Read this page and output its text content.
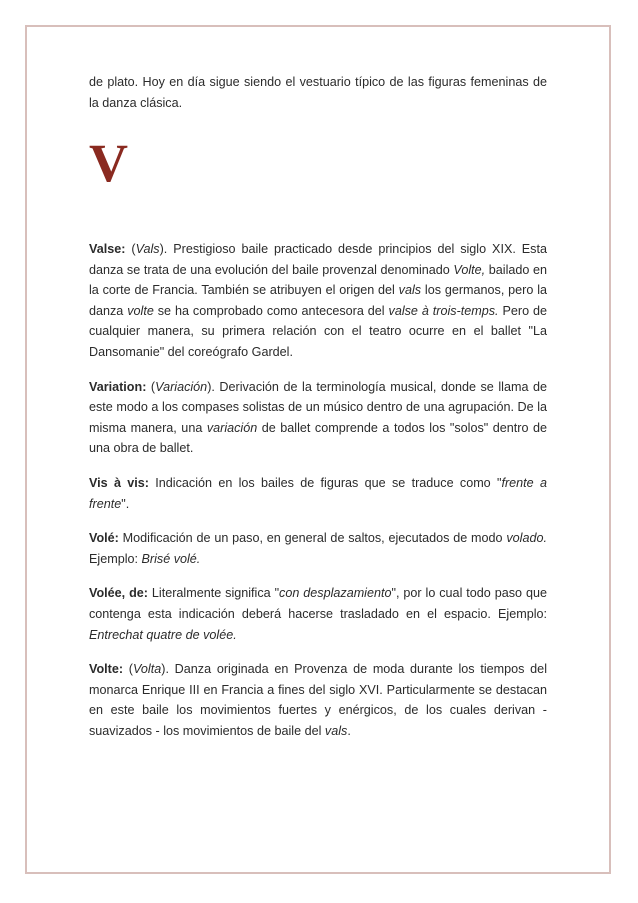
de plato. Hoy en día sigue siendo el vestuario típico de las figuras femeninas de la danza clásica.

V

Valse: (Vals). Prestigioso baile practicado desde principios del siglo XIX. Esta danza se trata de una evolución del baile provenzal denominado Volte, bailado en la corte de Francia. También se atribuyen el origen del vals los germanos, pero la danza volte se ha comprobado como antecesora del valse à trois-temps. Pero de cualquier manera, su primera relación con el teatro ocurre en el ballet "La Dansomanie" del coreógrafo Gardel.

Variation: (Variación). Derivación de la terminología musical, donde se llama de este modo a los compases solistas de un músico dentro de una agrupación. De la misma manera, una variación de ballet comprende a todos los "solos" dentro de una obra de ballet.

Vis à vis: Indicación en los bailes de figuras que se traduce como "frente a frente".

Volé: Modificación de un paso, en general de saltos, ejecutados de modo volado. Ejemplo: Brisé volé.

Volée, de: Literalmente significa "con desplazamiento", por lo cual todo paso que contenga esta indicación deberá hacerse trasladado en el espacio. Ejemplo: Entrechat quatre de volée.

Volte: (Volta). Danza originada en Provenza de moda durante los tiempos del monarca Enrique III en Francia a fines del siglo XVI. Particularmente se destacan en este baile los movimientos fuertes y enérgicos, de los cuales derivan - suavizados - los movimientos de baile del vals.
